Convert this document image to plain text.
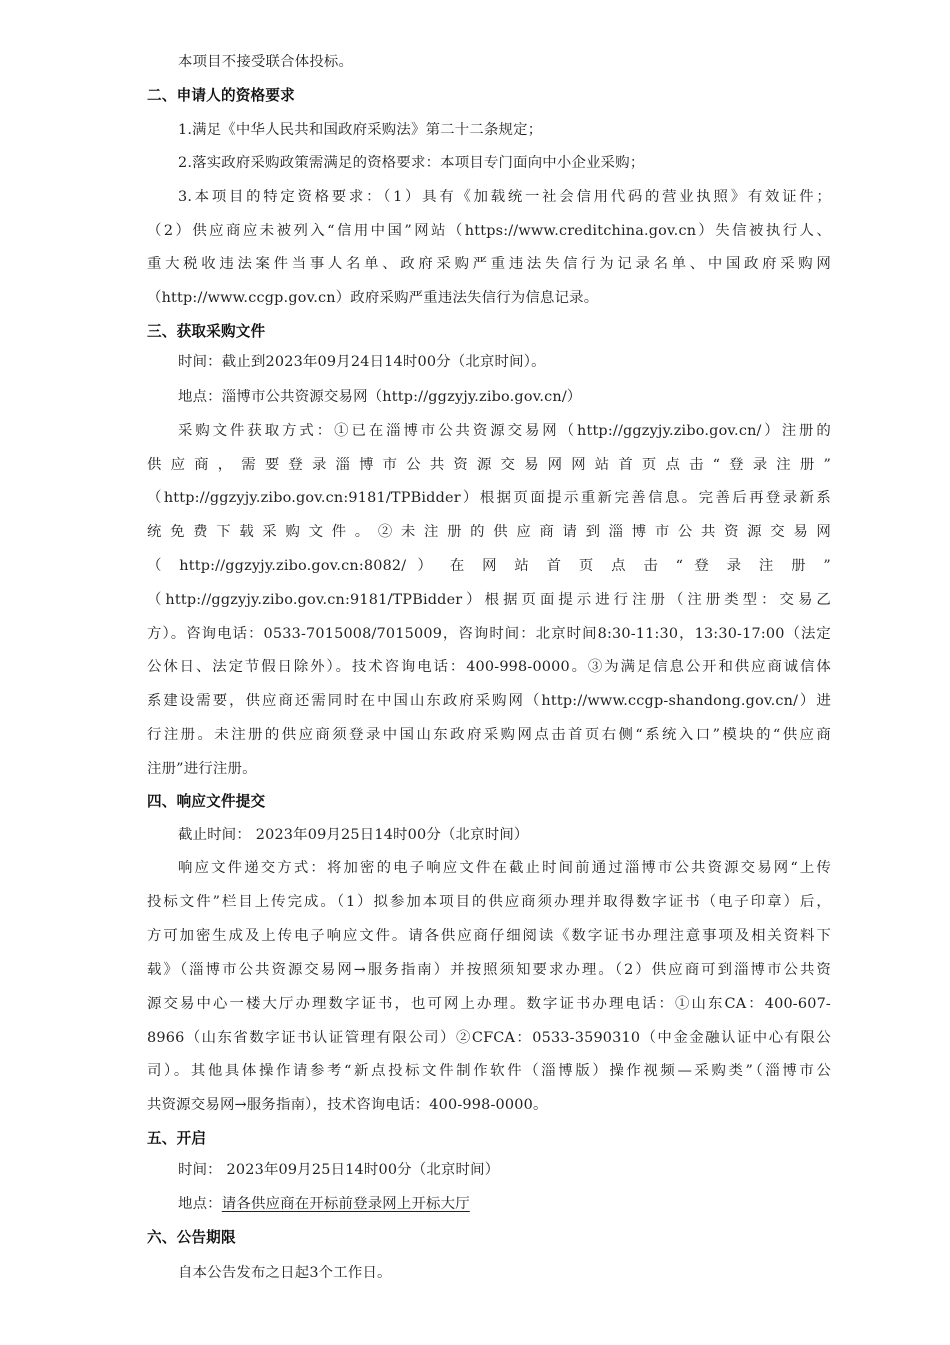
本项目不接受联合体投标。
二、申请人的资格要求
1.满足《中华人民共和国政府采购法》第二十二条规定；
2.落实政府采购政策需满足的资格要求：本项目专门面向中小企业采购；
3.本项目的特定资格要求：（1）具有《加载统一社会信用代码的营业执照》有效证件；
（2）供应商应未被列入“信用中国”网站（https://www.creditchina.gov.cn）失信被执行人、
重大税收违法案件当事人名单、政府采购严重违法失信行为记录名单、中国政府采购网
（http://www.ccgp.gov.cn）政府采购严重违法失信行为信息记录。
三、获取采购文件
时间：截止到2023年09月24日14时00分（北京时间）。
地点：淄博市公共资源交易网（http://ggzyjy.zibo.gov.cn/）
采购文件获取方式：①已在淄博市公共资源交易网（http://ggzyjy.zibo.gov.cn/）注册的
供应商，需要登录淄博市公共资源交易网网站首页点击“登录注册”
（http://ggzyjy.zibo.gov.cn:9181/TPBidder）根据页面提示重新完善信息。完善后再登录新系
统免费下载采购文件。②未注册的供应商请到淄博市公共资源交易网
（ http://ggzyjy.zibo.gov.cn:8082/ ） 在 网 站 首 页 点 击 “ 登 录 注 册 ”
（http://ggzyjy.zibo.gov.cn:9181/TPBidder）根据页面提示进行注册（注册类型：交易乙
方）。咨询电话：0533-7015008/7015009，咨询时间：北京时间8:30-11:30，13:30-17:00（法定
公休日、法定节假日除外）。技术咨询电话：400-998-0000。③为满足信息公开和供应商诚信体
系建设需要，供应商还需同时在中国山东政府采购网（http://www.ccgp-shandong.gov.cn/）进
行注册。未注册的供应商须登录中国山东政府采购网点击首页右侧“系统入口”模块的“供应商
注册”进行注册。
四、响应文件提交
截止时间： 2023年09月25日14时00分（北京时间）
响应文件递交方式：将加密的电子响应文件在截止时间前通过淄博市公共资源交易网“上传
投标文件”栏目上传完成。（1）拟参加本项目的供应商须办理并取得数字证书（电子印章）后，
方可加密生成及上传电子响应文件。请各供应商仔细阅读《数字证书办理注意事项及相关资料下
载》（淄博市公共资源交易网→服务指南）并按照须知要求办理。（2）供应商可到淄博市公共资
源交易中心一楼大厅办理数字证书，也可网上办理。数字证书办理电话：①山东CA：400-607-
8966（山东省数字证书认证管理有限公司）②CFCA：0533-3590310（中金金融认证中心有限公
司）。其他具体操作请参考“新点投标文件制作软件（淄博版）操作视频—采购类”（淄博市公
共资源交易网→服务指南），技术咨询电话：400-998-0000。
五、开启
时间： 2023年09月25日14时00分（北京时间）
地点：请各供应商在开标前登录网上开标大厅
六、公告期限
自本公告发布之日起3个工作日。
